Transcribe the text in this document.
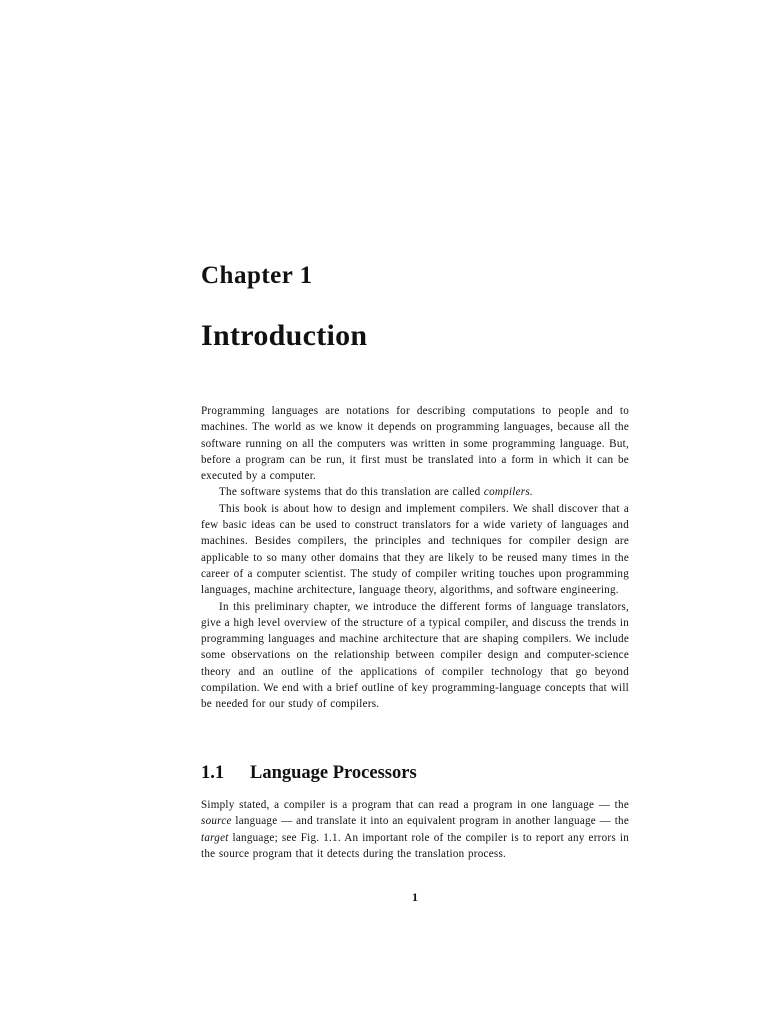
Chapter 1
Introduction

Programming languages are notations for describing computations to people and to machines. The world as we know it depends on programming languages, because all the software running on all the computers was written in some programming language. But, before a program can be run, it first must be translated into a form in which it can be executed by a computer.

The software systems that do this translation are called compilers.

This book is about how to design and implement compilers. We shall discover that a few basic ideas can be used to construct translators for a wide variety of languages and machines. Besides compilers, the principles and techniques for compiler design are applicable to so many other domains that they are likely to be reused many times in the career of a computer scientist. The study of compiler writing touches upon programming languages, machine architecture, language theory, algorithms, and software engineering.

In this preliminary chapter, we introduce the different forms of language translators, give a high level overview of the structure of a typical compiler, and discuss the trends in programming languages and machine architecture that are shaping compilers. We include some observations on the relationship between compiler design and computer-science theory and an outline of the applications of compiler technology that go beyond compilation. We end with a brief outline of key programming-language concepts that will be needed for our study of compilers.

1.1	Language Processors

Simply stated, a compiler is a program that can read a program in one language — the source language — and translate it into an equivalent program in another language — the target language; see Fig. 1.1. An important role of the compiler is to report any errors in the source program that it detects during the translation process.

1
